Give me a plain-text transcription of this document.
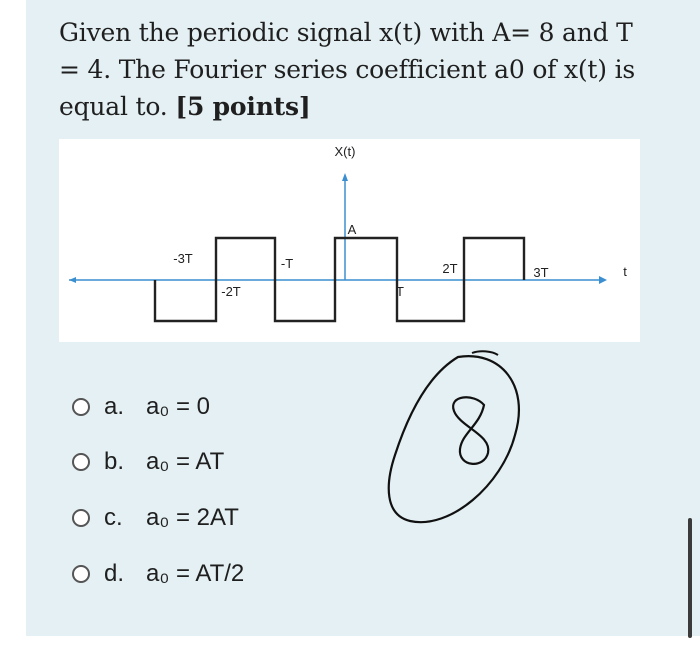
Given the periodic signal x(t) with A= 8 and T = 4. The Fourier series coefficient a0 of x(t) is equal to. [5 points]
X(t)
t
A
-3T
-2T
-T
T
2T	3T
a. a₀ = 0
b. a₀ = AT
c. a₀ = 2AT
d. a₀ = AT/2
